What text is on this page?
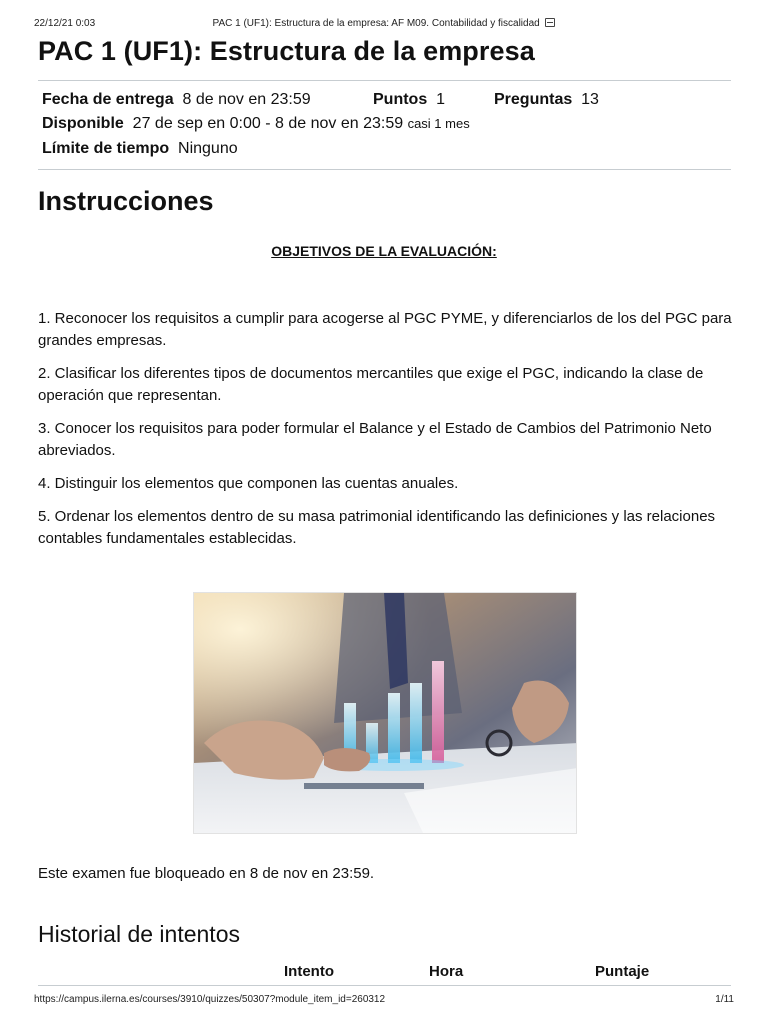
22/12/21 0:03	PAC 1 (UF1): Estructura de la empresa: AF M09. Contabilidad y fiscalidad
PAC 1 (UF1): Estructura de la empresa
Fecha de entrega 8 de nov en 23:59	Puntos 1	Preguntas 13
Disponible 27 de sep en 0:00 - 8 de nov en 23:59 casi 1 mes
Límite de tiempo Ninguno
Instrucciones
OBJETIVOS DE LA EVALUACIÓN:
1. Reconocer los requisitos a cumplir para acogerse al PGC PYME, y diferenciarlos de los del PGC para grandes empresas.
2. Clasificar los diferentes tipos de documentos mercantiles que exige el PGC, indicando la clase de operación que representan.
3. Conocer los requisitos para poder formular el Balance y el Estado de Cambios del Patrimonio Neto abreviados.
4. Distinguir los elementos que componen las cuentas anuales.
5. Ordenar los elementos dentro de su masa patrimonial identificando las definiciones y las relaciones contables fundamentales establecidas.
Este examen fue bloqueado en 8 de nov en 23:59.
Historial de intentos
Intento	Hora	Puntaje
https://campus.ilerna.es/courses/3910/quizzes/50307?module_item_id=260312	1/11
